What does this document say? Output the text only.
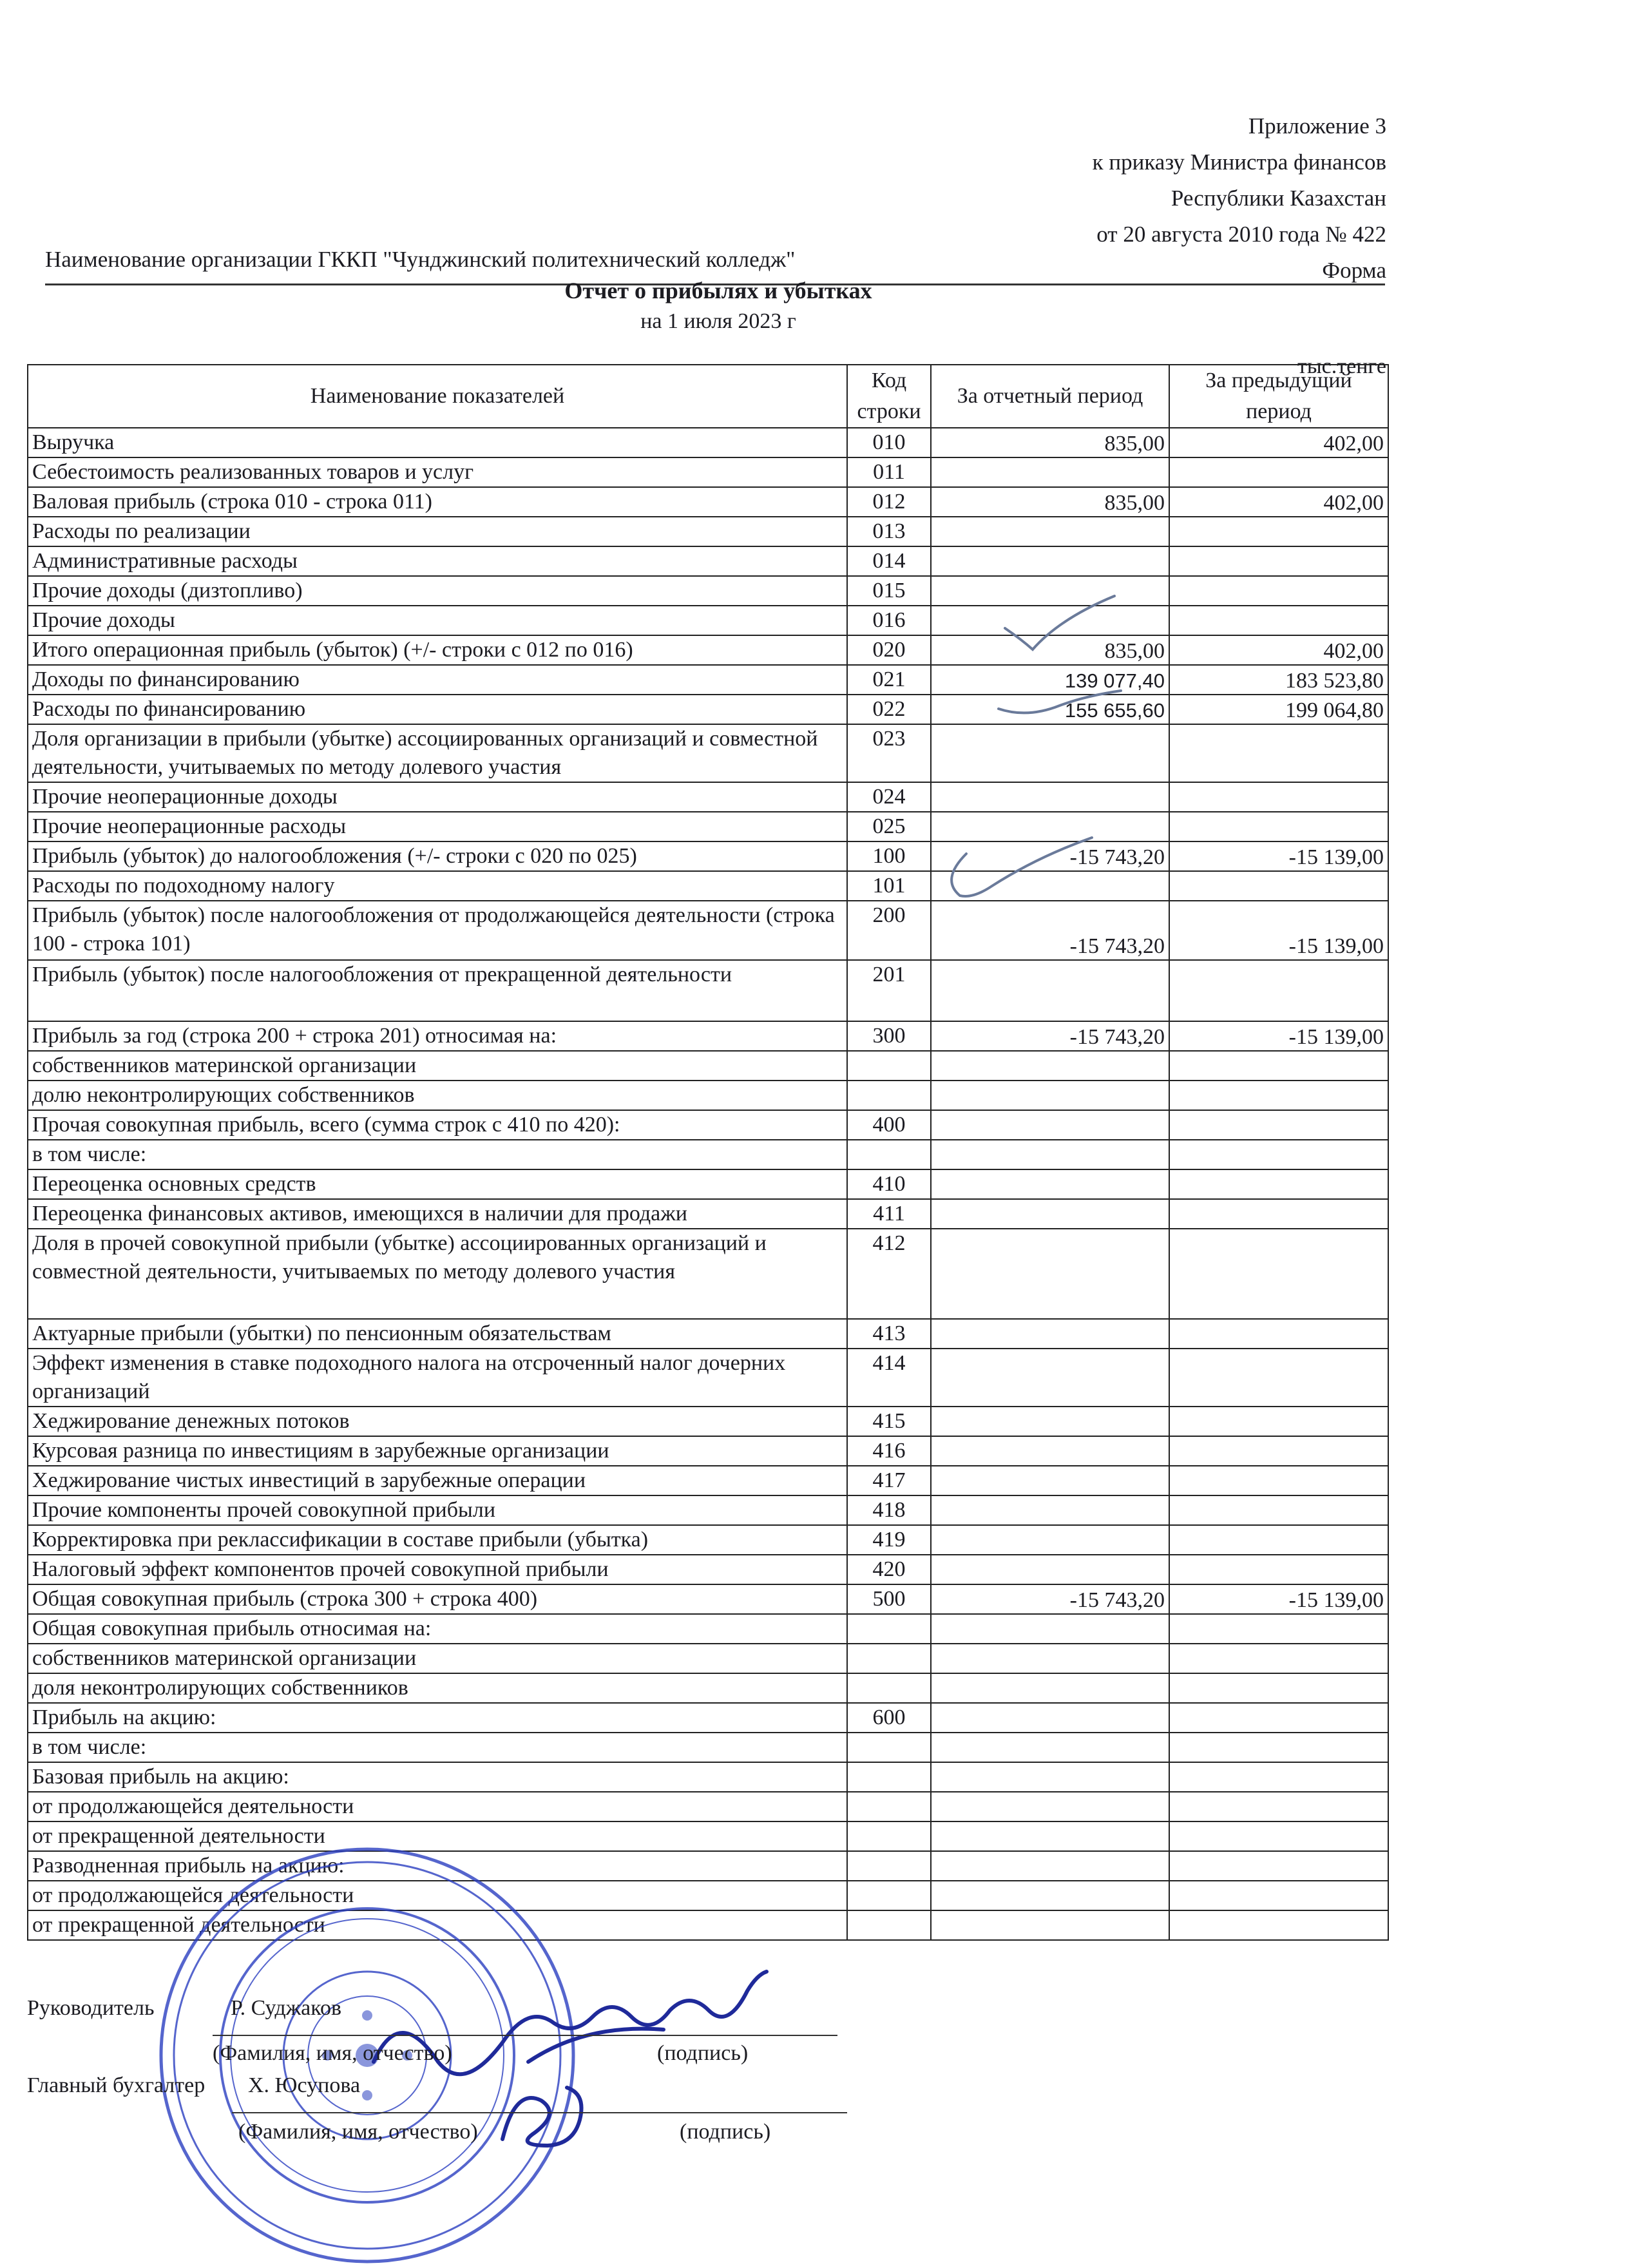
Приложение 3
к приказу Министра финансов
Республики Казахстан
от 20 августа 2010 года № 422
Форма
Наименование организации ГККП "Чунджинский политехнический колледж"
Отчет о прибылях и убытках
на 1 июля 2023 г
тыс.тенге
Наименование показателей	Код строки	За отчетный период	За предыдущий период
Выручка	010	835,00	402,00
Себестоимость реализованных товаров и услуг	011		
Валовая прибыль (строка 010 - строка 011)	012	835,00	402,00
Расходы по реализации	013		
Административные расходы	014		
Прочие доходы (дизтопливо)	015		
Прочие доходы	016		
Итого операционная прибыль (убыток) (+/- строки с 012 по 016)	020	835,00	402,00
Доходы по финансированию	021	139 077,40	183 523,80
Расходы по финансированию	022	155 655,60	199 064,80
Доля организации в прибыли (убытке) ассоциированных организаций и совместной деятельности, учитываемых по методу долевого участия	023		
Прочие неоперационные доходы	024		
Прочие неоперационные расходы	025		
Прибыль (убыток) до налогообложения (+/- строки с 020 по 025)	100	-15 743,20	-15 139,00
Расходы по подоходному налогу	101		
Прибыль (убыток) после налогообложения от продолжающейся деятельности (строка 100 - строка 101)	200	-15 743,20	-15 139,00
Прибыль (убыток) после налогообложения от прекращенной деятельности	201		
Прибыль за год (строка 200 + строка 201) относимая на:	300	-15 743,20	-15 139,00
собственников материнской организации			
долю неконтролирующих собственников			
Прочая совокупная прибыль, всего (сумма строк с 410 по 420):	400		
в том числе:			
Переоценка основных средств	410		
Переоценка финансовых активов, имеющихся в наличии для продажи	411		
Доля в прочей совокупной прибыли (убытке) ассоциированных организаций и совместной деятельности, учитываемых по методу долевого участия	412		
Актуарные прибыли (убытки) по пенсионным обязательствам	413		
Эффект изменения в ставке подоходного налога на отсроченный налог дочерних организаций	414		
Хеджирование денежных потоков	415		
Курсовая разница по инвестициям в зарубежные организации	416		
Хеджирование чистых инвестиций в зарубежные операции	417		
Прочие компоненты прочей совокупной прибыли	418		
Корректировка при реклассификации в составе прибыли (убытка)	419		
Налоговый эффект компонентов прочей совокупной прибыли	420		
Общая совокупная прибыль (строка 300 + строка 400)	500	-15 743,20	-15 139,00
Общая совокупная прибыль относимая на:			
собственников материнской организации			
доля неконтролирующих собственников			
Прибыль на акцию:	600		
в том числе:			
Базовая прибыль на акцию:			
от продолжающейся деятельности			
от прекращенной деятельности			
Разводненная прибыль на акцию:			
от продолжающейся деятельности			
от прекращенной деятельности			
Руководитель	Р. Суджаков
(Фамилия, имя, отчество)	(подпись)
Главный бухгалтер Х. Юсупова
(Фамилия, имя, отчество)	(подпись)
